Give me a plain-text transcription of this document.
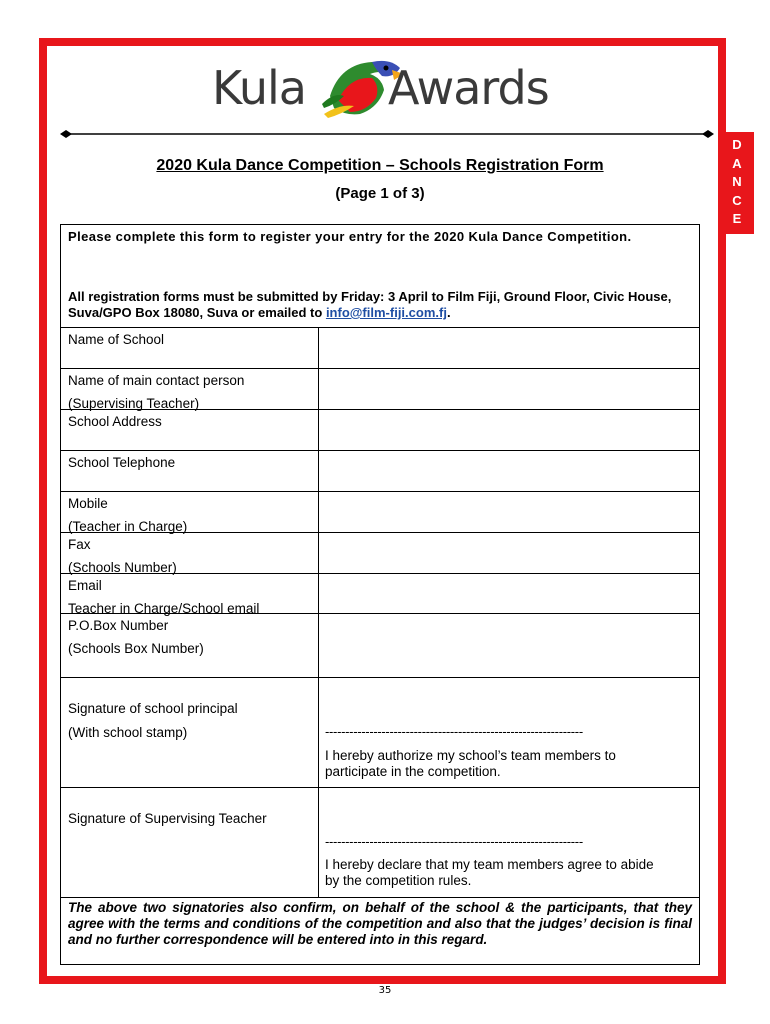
Kula Awards
D
A
N
C
E
2020 Kula Dance Competition – Schools Registration Form
(Page 1 of 3)

Please complete this form to register your entry for the 2020 Kula Dance Competition.

All registration forms must be submitted by Friday: 3 April to Film Fiji, Ground Floor, Civic House, Suva/GPO Box 18080, Suva or emailed to info@film-fiji.com.fj.

Name of School
Name of main contact person
(Supervising Teacher)
School Address
School Telephone
Mobile
(Teacher in Charge)
Fax
(Schools Number)
Email
Teacher in Charge/School email
P.O.Box Number
(Schools Box Number)
Signature of school principal
(With school stamp)	----------------------------------------------------------------
I hereby authorize my school’s team members to participate in the competition.
Signature of Supervising Teacher
----------------------------------------------------------------
I hereby declare that my team members agree to abide by the competition rules.
The above two signatories also confirm, on behalf of the school & the participants, that they agree with the terms and conditions of the competition and also that the judges’ decision is final and no further correspondence will be entered into in this regard.
35
